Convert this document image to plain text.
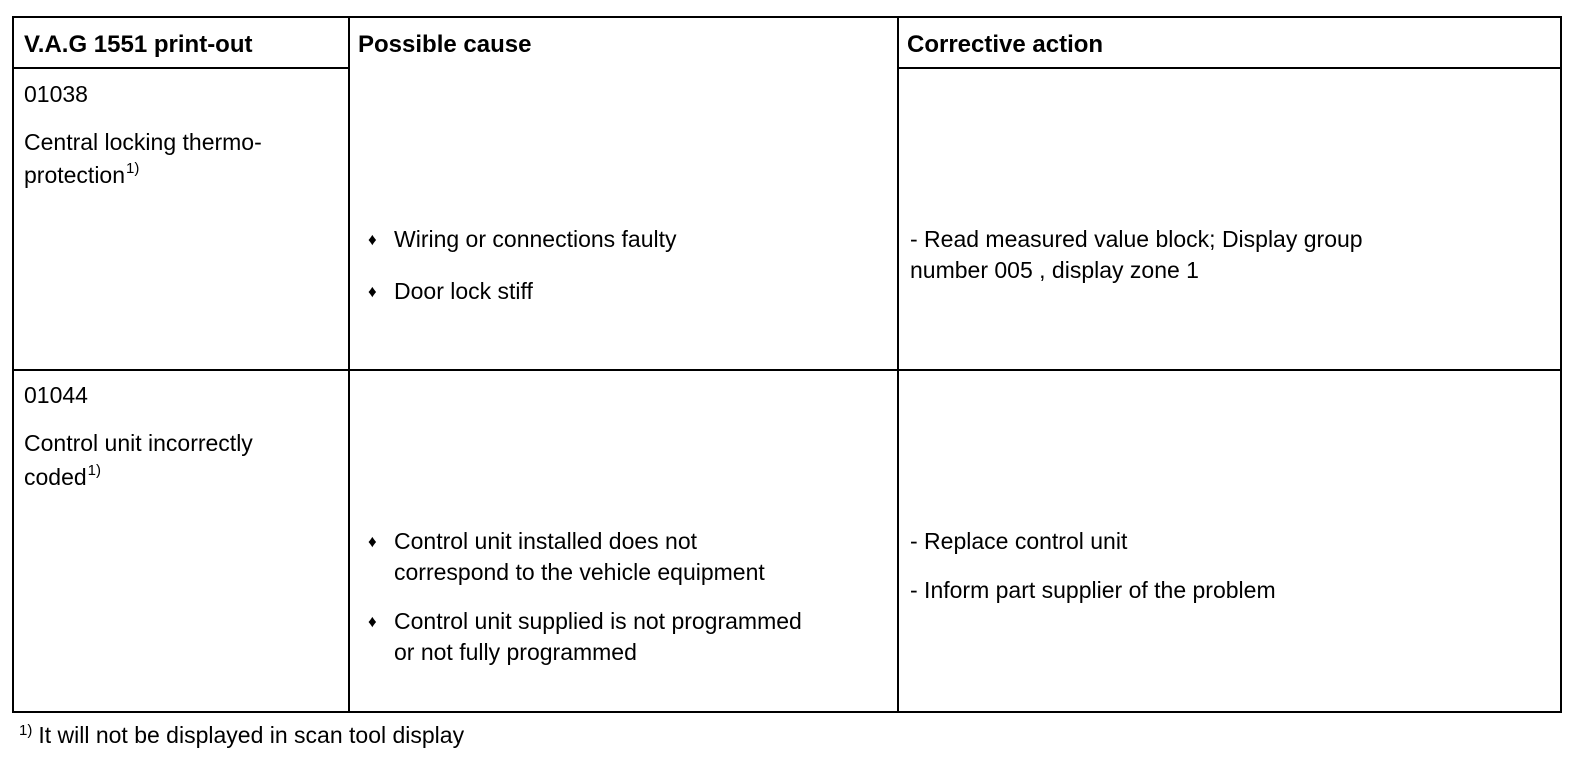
V.A.G 1551 print-out	Possible cause	Corrective action
01038
Central locking thermo-
protection$^{1)}$
♦ Wiring or connections faulty
♦ Door lock stiff
- Read measured value block; Display group
number 005 , display zone 1
01044
Control unit incorrectly
coded$^{1)}$
♦ Control unit installed does not
correspond to the vehicle equipment
♦ Control unit supplied is not programmed
or not fully programmed
- Replace control unit
- Inform part supplier of the problem
$^{1)}$ It will not be displayed in scan tool display
